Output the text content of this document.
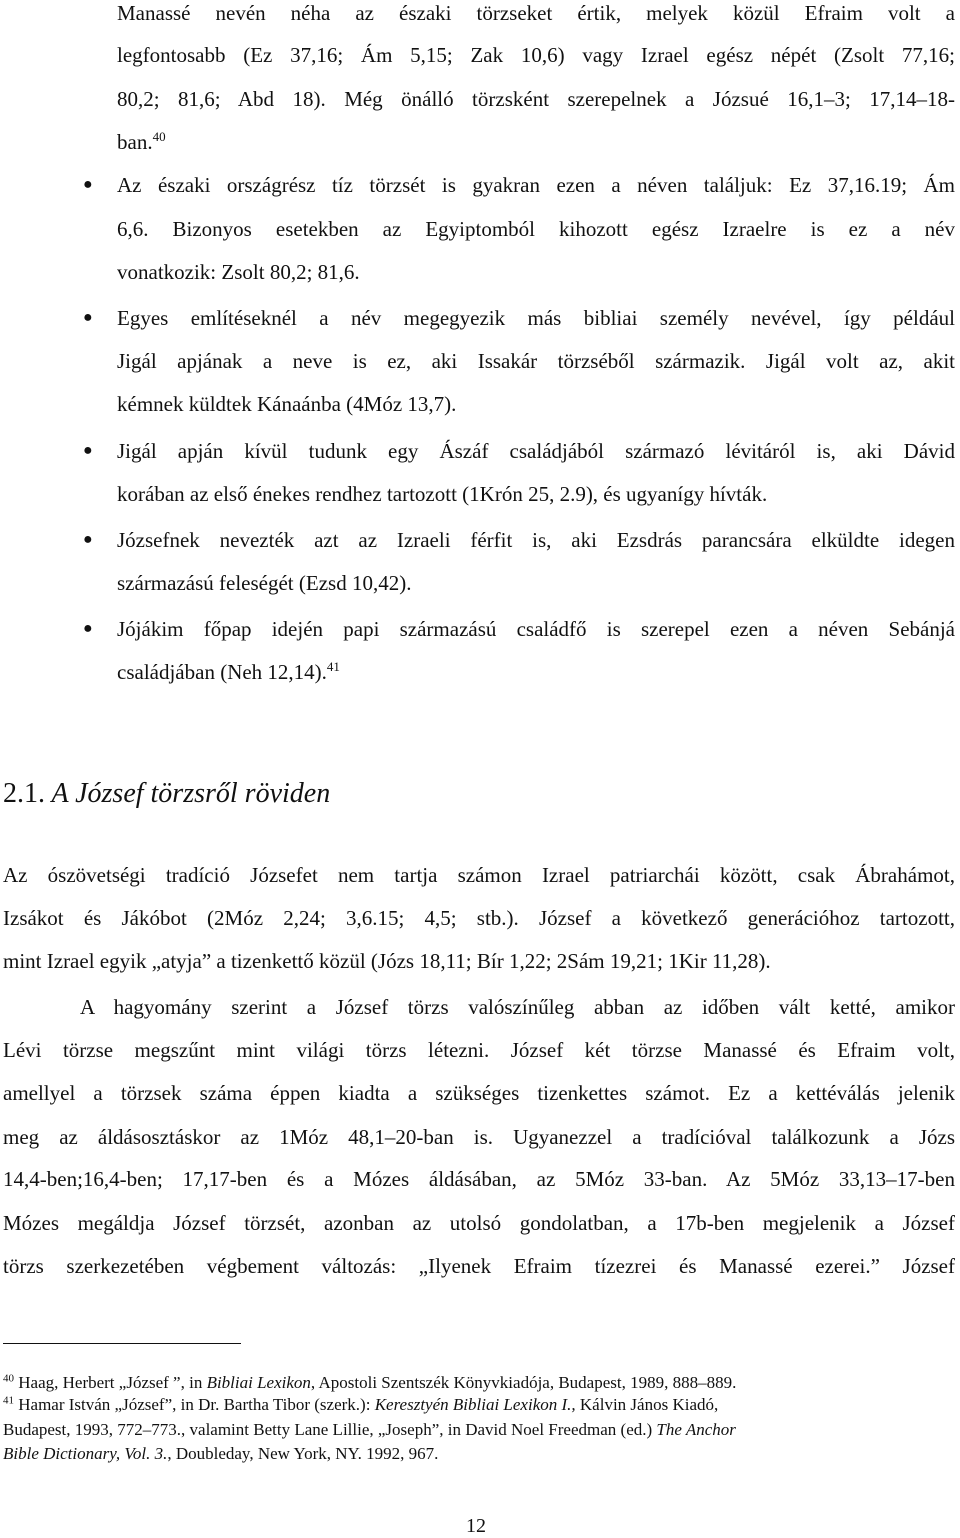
Manassé nevén néha az északi törzseket értik, melyek közül Efraim volt a
legfontosabb (Ez 37,16; Ám 5,15; Zak 10,6) vagy Izrael egész népét (Zsolt 77,16;
80,2; 81,6; Abd 18). Még önálló törzsként szerepelnek a Józsué 16,1–3; 17,14–18-
ban.$^{40}$
● Az északi országrész tíz törzsét is gyakran ezen a néven találjuk: Ez 37,16.19; Ám
6,6. Bizonyos esetekben az Egyiptomból kihozott egész Izraelre is ez a név
vonatkozik: Zsolt 80,2; 81,6.
● Egyes említéseknél a név megegyezik más bibliai személy nevével, így például
Jigál apjának a neve is ez, aki Issakár törzséből származik. Jigál volt az, akit
kémnek küldtek Kánaánba (4Móz 13,7).
● Jigál apján kívül tudunk egy Ászáf családjából származó lévitáról is, aki Dávid
korában az első énekes rendhez tartozott (1Krón 25, 2.9), és ugyanígy hívták.
● Józsefnek nevezték azt az Izraeli férfit is, aki Ezsdrás parancsára elküldte idegen
származású feleségét (Ezsd 10,42).
● Jójákim főpap idején papi származású családfő is szerepel ezen a néven Sebánjá
családjában (Neh 12,14).$^{41}$
2.1. A József törzsről röviden
Az ószövetségi tradíció Józsefet nem tartja számon Izrael patriarchái között, csak Ábrahámot,
Izsákot és Jákóbot (2Móz 2,24; 3,6.15; 4,5; stb.). József a következő generációhoz tartozott,
mint Izrael egyik „atyja” a tizenkettő közül (Józs 18,11; Bír 1,22; 2Sám 19,21; 1Kir 11,28).
A hagyomány szerint a József törzs valószínűleg abban az időben vált ketté, amikor
Lévi törzse megszűnt mint világi törzs létezni. József két törzse Manassé és Efraim volt,
amellyel a törzsek száma éppen kiadta a szükséges tizenkettes számot. Ez a kettéválás jelenik
meg az áldásosztáskor az 1Móz 48,1–20-ban is. Ugyanezzel a tradícióval találkozunk a Józs
14,4-ben;16,4-ben; 17,17-ben és a Mózes áldásában, az 5Móz 33-ban. Az 5Móz 33,13–17-ben
Mózes megáldja József törzsét, azonban az utolsó gondolatban, a 17b-ben megjelenik a József
törzs szerkezetében végbement változás: „Ilyenek Efraim tízezrei és Manassé ezerei.” József
$^{40}$ Haag, Herbert „József ”, in Bibliai Lexikon, Apostoli Szentszék Könyvkiadója, Budapest, 1989, 888–889.
$^{41}$ Hamar István „József”, in Dr. Bartha Tibor (szerk.): Keresztyén Bibliai Lexikon I., Kálvin János Kiadó,
Budapest, 1993, 772–773., valamint Betty Lane Lillie, „Joseph”, in David Noel Freedman (ed.) The Anchor
Bible Dictionary, Vol. 3., Doubleday, New York, NY. 1992, 967.
12
